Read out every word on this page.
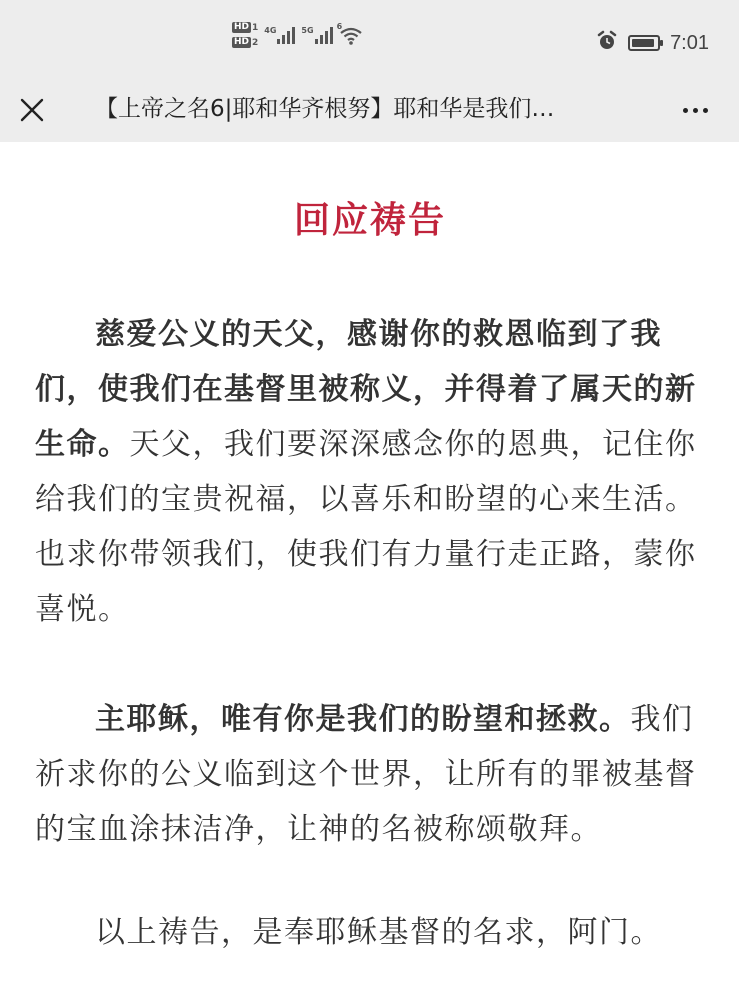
HD 1
HD 2
4G	5G	6
7:01
【上帝之名6|耶和华齐根努】耶和华是我们…
回应祷告

慈爱公义的天父，感谢你的救恩临到了我们，使我们在基督里被称义，并得着了属天的新生命。天父，我们要深深感念你的恩典，记住你给我们的宝贵祝福，以喜乐和盼望的心来生活。也求你带领我们，使我们有力量行走正路，蒙你喜悦。

主耶稣，唯有你是我们的盼望和拯救。我们祈求你的公义临到这个世界，让所有的罪被基督的宝血涂抹洁净，让神的名被称颂敬拜。

以上祷告，是奉耶稣基督的名求，阿门。
